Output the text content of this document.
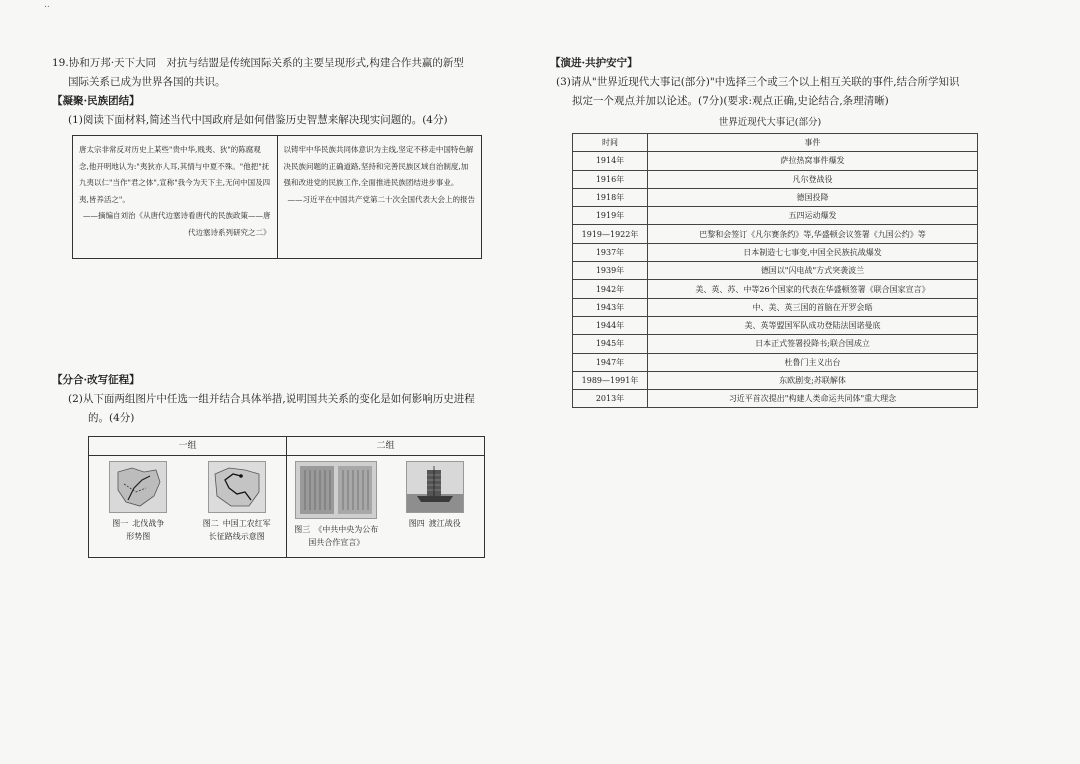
..
19.协和万邦·天下大同　对抗与结盟是传统国际关系的主要呈现形式,构建合作共赢的新型
国际关系已成为世界各国的共识。
【凝聚·民族团结】
(1)阅读下面材料,简述当代中国政府是如何借鉴历史智慧来解决现实问题的。(4分)
唐太宗非常反对历史上某些"贵中华,贱夷、狄"的陈腐观念,他开明地认为:"夷狄亦人耳,其情与中夏不殊。"他把"抚九夷以仁"当作"君之体",宣称"我今为天下主,无问中国及四夷,皆养活之"。
——摘编自刘治《从唐代边塞诗看唐代的民族政策——唐代边塞诗系列研究之二》
以铸牢中华民族共同体意识为主线,坚定不移走中国特色解决民族问题的正确道路,坚持和完善民族区域自治制度,加强和改进党的民族工作,全面推进民族团结进步事业。
——习近平在中国共产党第二十次全国代表大会上的报告
【分合·改写征程】
(2)从下面两组图片中任选一组并结合具体举措,说明国共关系的变化是如何影响历史进程
的。(4分)
一组
图一 北伐战争
形势图
图二 中国工农红军
长征路线示意图
二组
图三 《中共中央为公布
国共合作宣言》
图四 渡江战役
【演进·共护安宁】
(3)请从"世界近现代大事记(部分)"中选择三个或三个以上相互关联的事件,结合所学知识
拟定一个观点并加以论述。(7分)(要求:观点正确,史论结合,条理清晰)
世界近现代大事记(部分)
时间	事件
1914年	萨拉热窝事件爆发
1916年	凡尔登战役
1918年	德国投降
1919年	五四运动爆发
1919—1922年	巴黎和会签订《凡尔赛条约》等,华盛顿会议签署《九国公约》等
1937年	日本制造七七事变,中国全民族抗战爆发
1939年	德国以"闪电战"方式突袭波兰
1942年	美、英、苏、中等26个国家的代表在华盛顿签署《联合国家宣言》
1943年	中、美、英三国的首脑在开罗会晤
1944年	美、英等盟国军队成功登陆法国诺曼底
1945年	日本正式签署投降书;联合国成立
1947年	杜鲁门主义出台
1989—1991年	东欧剧变;苏联解体
2013年	习近平首次提出"构建人类命运共同体"重大理念
